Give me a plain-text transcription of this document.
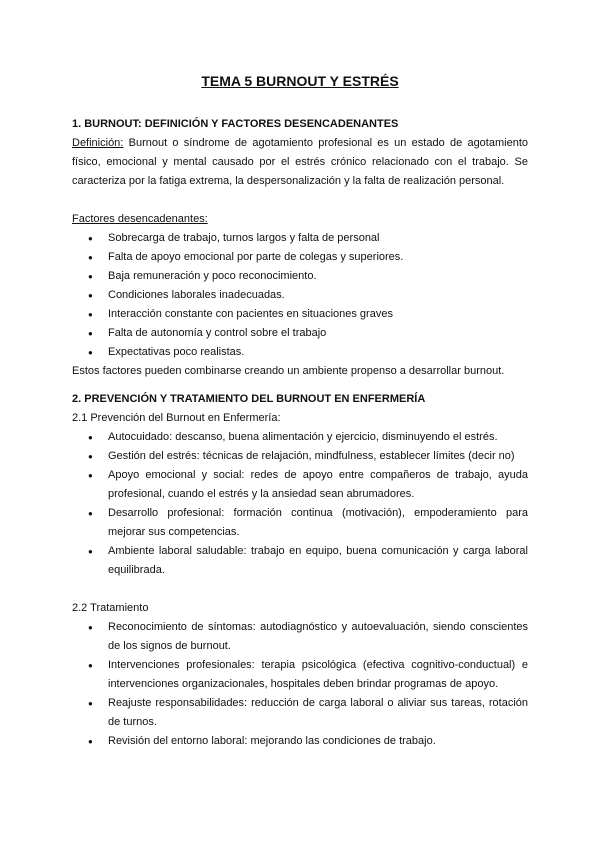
TEMA 5 BURNOUT Y ESTRÉS
1. BURNOUT: DEFINICIÓN Y FACTORES DESENCADENANTES

Definición: Burnout o síndrome de agotamiento profesional es un estado de agotamiento físico, emocional y mental causado por el estrés crónico relacionado con el trabajo. Se caracteriza por la fatiga extrema, la despersonalización y la falta de realización personal.

Factores desencadenantes:

● Sobrecarga de trabajo, turnos largos y falta de personal
● Falta de apoyo emocional por parte de colegas y superiores.
● Baja remuneración y poco reconocimiento.
● Condiciones laborales inadecuadas.
● Interacción constante con pacientes en situaciones graves
● Falta de autonomía y control sobre el trabajo
● Expectativas poco realistas.

Estos factores pueden combinarse creando un ambiente propenso a desarrollar burnout.

2. PREVENCIÓN Y TRATAMIENTO DEL BURNOUT EN ENFERMERÍA

2.1 Prevención del Burnout en Enfermería:

● Autocuidado: descanso, buena alimentación y ejercicio, disminuyendo el estrés.
● Gestión del estrés: técnicas de relajación, mindfulness, establecer límites (decir no)
● Apoyo emocional y social: redes de apoyo entre compañeros de trabajo, ayuda profesional, cuando el estrés y la ansiedad sean abrumadores.
● Desarrollo profesional: formación continua (motivación), empoderamiento para mejorar sus competencias.
● Ambiente laboral saludable: trabajo en equipo, buena comunicación y carga laboral equilibrada.

2.2 Tratamiento

● Reconocimiento de síntomas: autodiagnóstico y autoevaluación, siendo conscientes de los signos de burnout.
● Intervenciones profesionales: terapia psicológica (efectiva cognitivo-conductual) e intervenciones organizacionales, hospitales deben brindar programas de apoyo.
● Reajuste responsabilidades: reducción de carga laboral o aliviar sus tareas, rotación de turnos.
● Revisión del entorno laboral: mejorando las condiciones de trabajo.
